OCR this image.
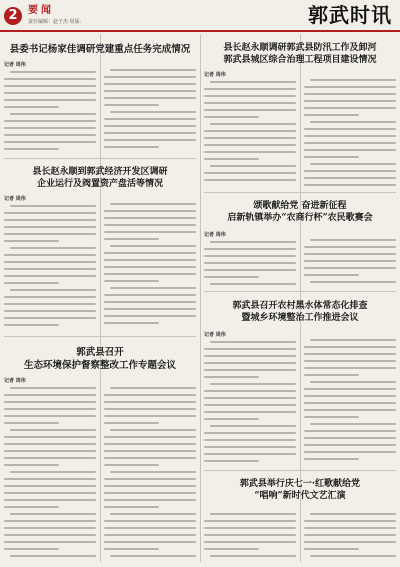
2	要闻
责任编辑：赵子杰 组版：	郭武时讯
县委书记杨家佳调研党建重点任务完成情况
记者 周伟
县长赵永顺调研郭武县防汛工作及卸河
郭武县城区综合治理工程项目建设情况
记者 周伟
县长赵永顺到郭武经济开发区调研
企业运行及阀置资产盘活等情况
记者 周伟
颂歌献给党 奋进新征程
启新轨镇举办“农商行杯”农民歌赛会
记者 周伟
郭武县召开
生态环境保护督察整改工作专题会议
记者 周伟
郭武县召开农村黑水体常态化排查
暨城乡环境整治工作推进会议
记者 周伟
郭武县举行庆七一·红歌献给党
“唱响”新时代文艺汇演
